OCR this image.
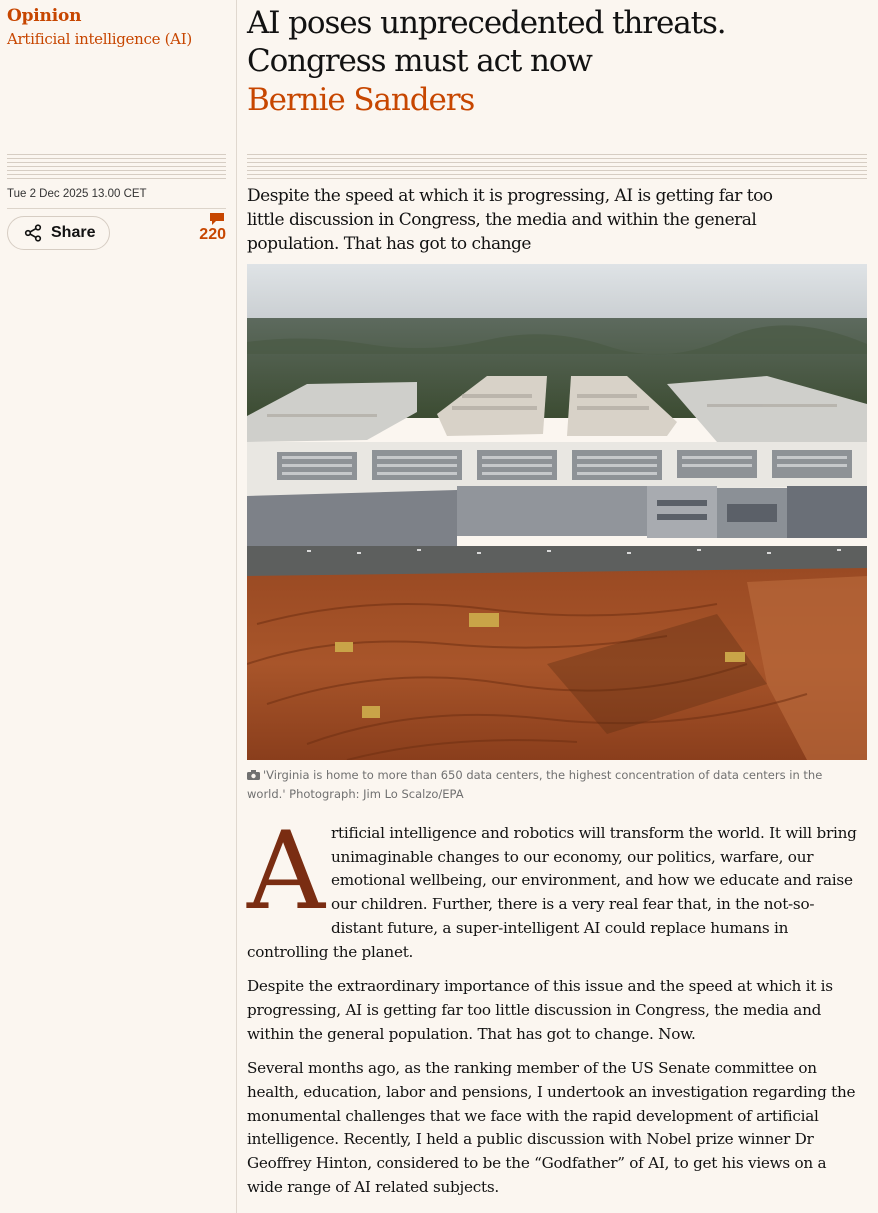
Opinion
Artificial intelligence (AI)
Tue 2 Dec 2025 13.00 CET
Share	220
AI poses unprecedented threats. Congress must act now
Bernie Sanders

Despite the speed at which it is progressing, AI is getting far too little discussion in Congress, the media and within the general population. That has got to change

'Virginia is home to more than 650 data centers, the highest concentration of data centers in the world.' Photograph: Jim Lo Scalzo/EPA

Artificial intelligence and robotics will transform the world. It will bring unimaginable changes to our economy, our politics, warfare, our emotional wellbeing, our environment, and how we educate and raise our children. Further, there is a very real fear that, in the not-so-distant future, a super-intelligent AI could replace humans in controlling the planet.

Despite the extraordinary importance of this issue and the speed at which it is progressing, AI is getting far too little discussion in Congress, the media and within the general population. That has got to change. Now.

Several months ago, as the ranking member of the US Senate committee on health, education, labor and pensions, I undertook an investigation regarding the monumental challenges that we face with the rapid development of artificial intelligence. Recently, I held a public discussion with Nobel prize winner Dr Geoffrey Hinton, considered to be the “Godfather” of AI, to get his views on a wide range of AI related subjects.
